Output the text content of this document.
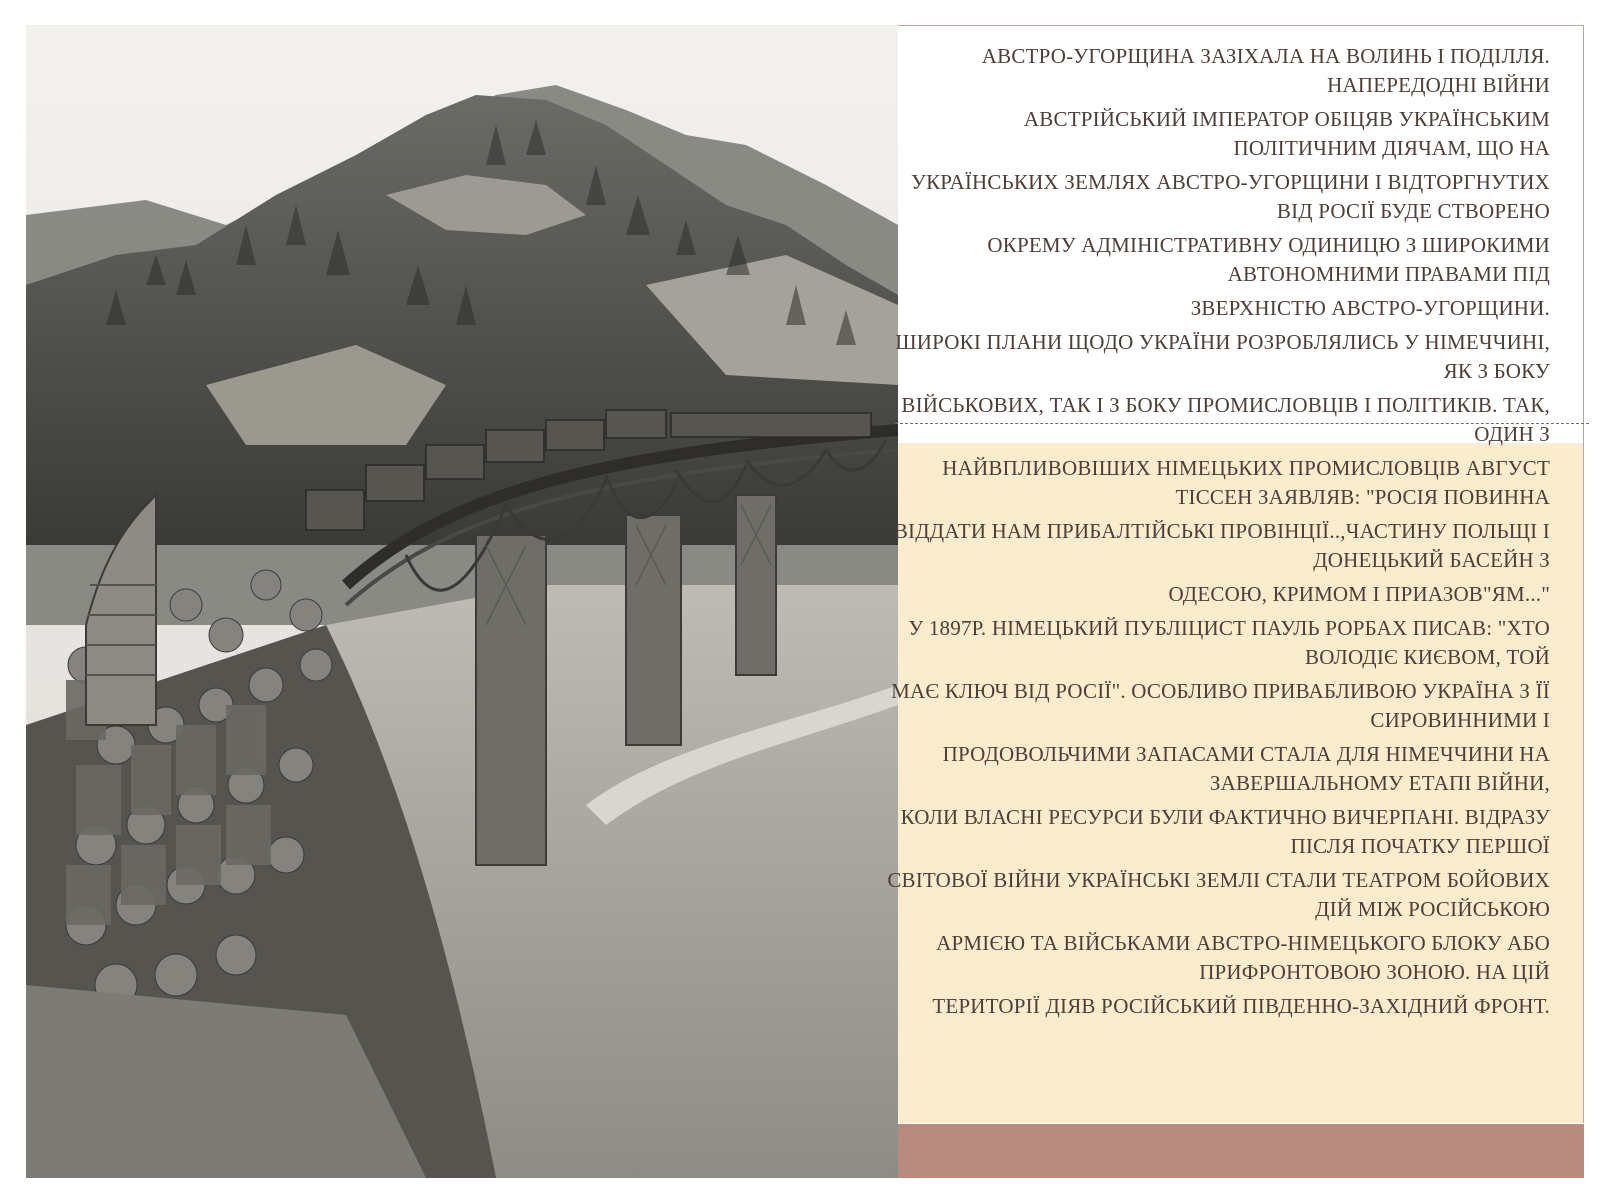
АВСТРО-УГОРЩИНА ЗАЗІХАЛА НА ВОЛИНЬ І ПОДІЛЛЯ. НАПЕРЕДОДНІ ВІЙНИ

АВСТРІЙСЬКИЙ ІМПЕРАТОР ОБІЦЯВ УКРАЇНСЬКИМ ПОЛІТИЧНИМ ДІЯЧАМ, ЩО НА

УКРАЇНСЬКИХ ЗЕМЛЯХ АВСТРО-УГОРЩИНИ І ВІДТОРГНУТИХ ВІД РОСІЇ БУДЕ СТВОРЕНО

ОКРЕМУ АДМІНІСТРАТИВНУ ОДИНИЦЮ З ШИРОКИМИ АВТОНОМНИМИ ПРАВАМИ ПІД

ЗВЕРХНІСТЮ АВСТРО-УГОРЩИНИ.

ШИРОКІ ПЛАНИ ЩОДО УКРАЇНИ РОЗРОБЛЯЛИСЬ У НІМЕЧЧИНІ, ЯК З БОКУ

ВІЙСЬКОВИХ, ТАК І З БОКУ ПРОМИСЛОВЦІВ І ПОЛІТИКІВ. ТАК, ОДИН З

НАЙВПЛИВОВІШИХ НІМЕЦЬКИХ ПРОМИСЛОВЦІВ АВГУСТ ТІССЕН ЗАЯВЛЯВ: "РОСІЯ ПОВИННА

ВІДДАТИ НАМ ПРИБАЛТІЙСЬКІ ПРОВІНЦІЇ..,ЧАСТИНУ ПОЛЬЩІ І ДОНЕЦЬКИЙ БАСЕЙН З

ОДЕСОЮ, КРИМОМ І ПРИАЗОВ"ЯМ..."

У 1897Р. НІМЕЦЬКИЙ ПУБЛІЦИСТ ПАУЛЬ РОРБАХ ПИСАВ: "ХТО ВОЛОДІЄ КИЄВОМ, ТОЙ

МАЄ КЛЮЧ ВІД РОСІЇ". ОСОБЛИВО ПРИВАБЛИВОЮ УКРАЇНА З ЇЇ СИРОВИННИМИ І

ПРОДОВОЛЬЧИМИ ЗАПАСАМИ СТАЛА ДЛЯ НІМЕЧЧИНИ НА ЗАВЕРШАЛЬНОМУ ЕТАПІ ВІЙНИ,

КОЛИ ВЛАСНІ РЕСУРСИ БУЛИ ФАКТИЧНО ВИЧЕРПАНІ. ВІДРАЗУ ПІСЛЯ ПОЧАТКУ ПЕРШОЇ

СВІТОВОЇ ВІЙНИ УКРАЇНСЬКІ ЗЕМЛІ СТАЛИ ТЕАТРОМ БОЙОВИХ ДІЙ МІЖ РОСІЙСЬКОЮ

АРМІЄЮ ТА ВІЙСЬКАМИ АВСТРО-НІМЕЦЬКОГО БЛОКУ АБО ПРИФРОНТОВОЮ ЗОНОЮ. НА ЦІЙ

ТЕРИТОРІЇ ДІЯВ РОСІЙСЬКИЙ ПІВДЕННО-ЗАХІДНИЙ ФРОНТ.
